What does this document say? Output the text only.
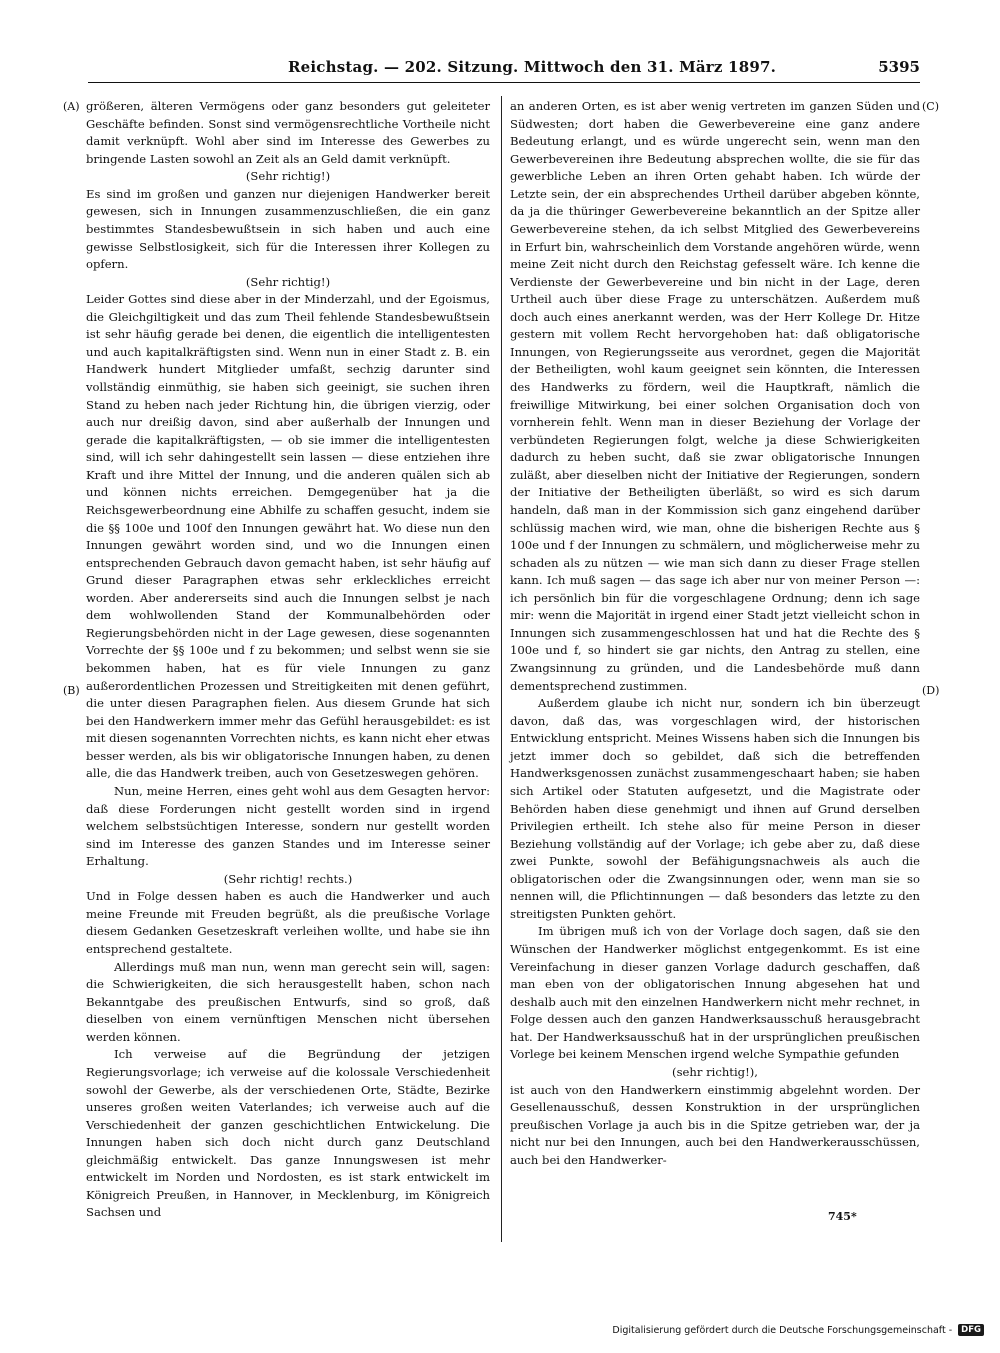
Reichstag. — 202. Sitzung. Mittwoch den 31. März 1897.	5395
(A)
(B)
(C)
(D)

größeren, älteren Vermögens oder ganz besonders gut geleiteter Geschäfte befinden. Sonst sind vermögensrechtliche Vortheile nicht damit verknüpft. Wohl aber sind im Interesse des Gewerbes zu bringende Lasten sowohl an Zeit als an Geld damit verknüpft.

(Sehr richtig!)

Es sind im großen und ganzen nur diejenigen Handwerker bereit gewesen, sich in Innungen zusammenzuschließen, die ein ganz bestimmtes Standesbewußtsein in sich haben und auch eine gewisse Selbstlosigkeit, sich für die Interessen ihrer Kollegen zu opfern.

(Sehr richtig!)

Leider Gottes sind diese aber in der Minderzahl, und der Egoismus, die Gleichgiltigkeit und das zum Theil fehlende Standesbewußtsein ist sehr häufig gerade bei denen, die eigentlich die intelligentesten und auch kapitalkräftigsten sind. Wenn nun in einer Stadt z. B. ein Handwerk hundert Mitglieder umfaßt, sechzig darunter sind vollständig einmüthig, sie haben sich geeinigt, sie suchen ihren Stand zu heben nach jeder Richtung hin, die übrigen vierzig, oder auch nur dreißig davon, sind aber außerhalb der Innungen und gerade die kapitalkräftigsten, — ob sie immer die intelligentesten sind, will ich sehr dahingestellt sein lassen — diese entziehen ihre Kraft und ihre Mittel der Innung, und die anderen quälen sich ab und können nichts erreichen. Demgegenüber hat ja die Reichsgewerbeordnung eine Abhilfe zu schaffen gesucht, indem sie die §§ 100e und 100f den Innungen gewährt hat. Wo diese nun den Innungen gewährt worden sind, und wo die Innungen einen entsprechenden Gebrauch davon gemacht haben, ist sehr häufig auf Grund dieser Paragraphen etwas sehr erkleckliches erreicht worden. Aber andererseits sind auch die Innungen selbst je nach dem wohlwollenden Stand der Kommunalbehörden oder Regierungsbehörden nicht in der Lage gewesen, diese sogenannten Vorrechte der §§ 100e und f zu bekommen; und selbst wenn sie sie bekommen haben, hat es für viele Innungen zu ganz außerordentlichen Prozessen und Streitigkeiten mit denen geführt, die unter diesen Paragraphen fielen. Aus diesem Grunde hat sich bei den Handwerkern immer mehr das Gefühl herausgebildet: es ist mit diesen sogenannten Vorrechten nichts, es kann nicht eher etwas besser werden, als bis wir obligatorische Innungen haben, zu denen alle, die das Handwerk treiben, auch von Gesetzeswegen gehören.

Nun, meine Herren, eines geht wohl aus dem Gesagten hervor: daß diese Forderungen nicht gestellt worden sind in irgend welchem selbstsüchtigen Interesse, sondern nur gestellt worden sind im Interesse des ganzen Standes und im Interesse seiner Erhaltung.

(Sehr richtig! rechts.)

Und in Folge dessen haben es auch die Handwerker und auch meine Freunde mit Freuden begrüßt, als die preußische Vorlage diesem Gedanken Gesetzeskraft verleihen wollte, und habe sie ihn entsprechend gestaltete.

Allerdings muß man nun, wenn man gerecht sein will, sagen: die Schwierigkeiten, die sich herausgestellt haben, schon nach Bekanntgabe des preußischen Entwurfs, sind so groß, daß dieselben von einem vernünftigen Menschen nicht übersehen werden können.

Ich verweise auf die Begründung der jetzigen Regierungsvorlage; ich verweise auf die kolossale Verschiedenheit sowohl der Gewerbe, als der verschiedenen Orte, Städte, Bezirke unseres großen weiten Vaterlandes; ich verweise auch auf die Verschiedenheit der ganzen geschichtlichen Entwickelung. Die Innungen haben sich doch nicht durch ganz Deutschland gleichmäßig entwickelt. Das ganze Innungswesen ist mehr entwickelt im Norden und Nordosten, es ist stark entwickelt im Königreich Preußen, in Hannover, in Mecklenburg, im Königreich Sachsen und

an anderen Orten, es ist aber wenig vertreten im ganzen Süden und Südwesten; dort haben die Gewerbevereine eine ganz andere Bedeutung erlangt, und es würde ungerecht sein, wenn man den Gewerbevereinen ihre Bedeutung absprechen wollte, die sie für das gewerbliche Leben an ihren Orten gehabt haben. Ich würde der Letzte sein, der ein absprechendes Urtheil darüber abgeben könnte, da ja die thüringer Gewerbevereine bekanntlich an der Spitze aller Gewerbevereine stehen, da ich selbst Mitglied des Gewerbevereins in Erfurt bin, wahrscheinlich dem Vorstande angehören würde, wenn meine Zeit nicht durch den Reichstag gefesselt wäre. Ich kenne die Verdienste der Gewerbevereine und bin nicht in der Lage, deren Urtheil auch über diese Frage zu unterschätzen. Außerdem muß doch auch eines anerkannt werden, was der Herr Kollege Dr. Hitze gestern mit vollem Recht hervorgehoben hat: daß obligatorische Innungen, von Regierungsseite aus verordnet, gegen die Majorität der Betheiligten, wohl kaum geeignet sein könnten, die Interessen des Handwerks zu fördern, weil die Hauptkraft, nämlich die freiwillige Mitwirkung, bei einer solchen Organisation doch von vornherein fehlt. Wenn man in dieser Beziehung der Vorlage der verbündeten Regierungen folgt, welche ja diese Schwierigkeiten dadurch zu heben sucht, daß sie zwar obligatorische Innungen zuläßt, aber dieselben nicht der Initiative der Regierungen, sondern der Initiative der Betheiligten überläßt, so wird es sich darum handeln, daß man in der Kommission sich ganz eingehend darüber schlüssig machen wird, wie man, ohne die bisherigen Rechte aus § 100e und f der Innungen zu schmälern, und möglicherweise mehr zu schaden als zu nützen — wie man sich dann zu dieser Frage stellen kann. Ich muß sagen — das sage ich aber nur von meiner Person —: ich persönlich bin für die vorgeschlagene Ordnung; denn ich sage mir: wenn die Majorität in irgend einer Stadt jetzt vielleicht schon in Innungen sich zusammengeschlossen hat und hat die Rechte des § 100e und f, so hindert sie gar nichts, den Antrag zu stellen, eine Zwangsinnung zu gründen, und die Landesbehörde muß dann dementsprechend zustimmen.

Außerdem glaube ich nicht nur, sondern ich bin überzeugt davon, daß das, was vorgeschlagen wird, der historischen Entwicklung entspricht. Meines Wissens haben sich die Innungen bis jetzt immer doch so gebildet, daß sich die betreffenden Handwerksgenossen zunächst zusammengeschaart haben; sie haben sich Artikel oder Statuten aufgesetzt, und die Magistrate oder Behörden haben diese genehmigt und ihnen auf Grund derselben Privilegien ertheilt. Ich stehe also für meine Person in dieser Beziehung vollständig auf der Vorlage; ich gebe aber zu, daß diese zwei Punkte, sowohl der Befähigungsnachweis als auch die obligatorischen oder die Zwangsinnungen oder, wenn man sie so nennen will, die Pflichtinnungen — daß besonders das letzte zu den streitigsten Punkten gehört.

Im übrigen muß ich von der Vorlage doch sagen, daß sie den Wünschen der Handwerker möglichst entgegenkommt. Es ist eine Vereinfachung in dieser ganzen Vorlage dadurch geschaffen, daß man eben von der obligatorischen Innung abgesehen hat und deshalb auch mit den einzelnen Handwerkern nicht mehr rechnet, in Folge dessen auch den ganzen Handwerksausschuß herausgebracht hat. Der Handwerksausschuß hat in der ursprünglichen preußischen Vorlege bei keinem Menschen irgend welche Sympathie gefunden

(sehr richtig!),

ist auch von den Handwerkern einstimmig abgelehnt worden. Der Gesellenausschuß, dessen Konstruktion in der ursprünglichen preußischen Vorlage ja auch bis in die Spitze getrieben war, der ja nicht nur bei den Innungen, auch bei den Handwerkerausschüssen, auch bei den Handwerker-

745*
Digitalisierung gefördert durch die Deutsche Forschungsgemeinschaft -	DFG
